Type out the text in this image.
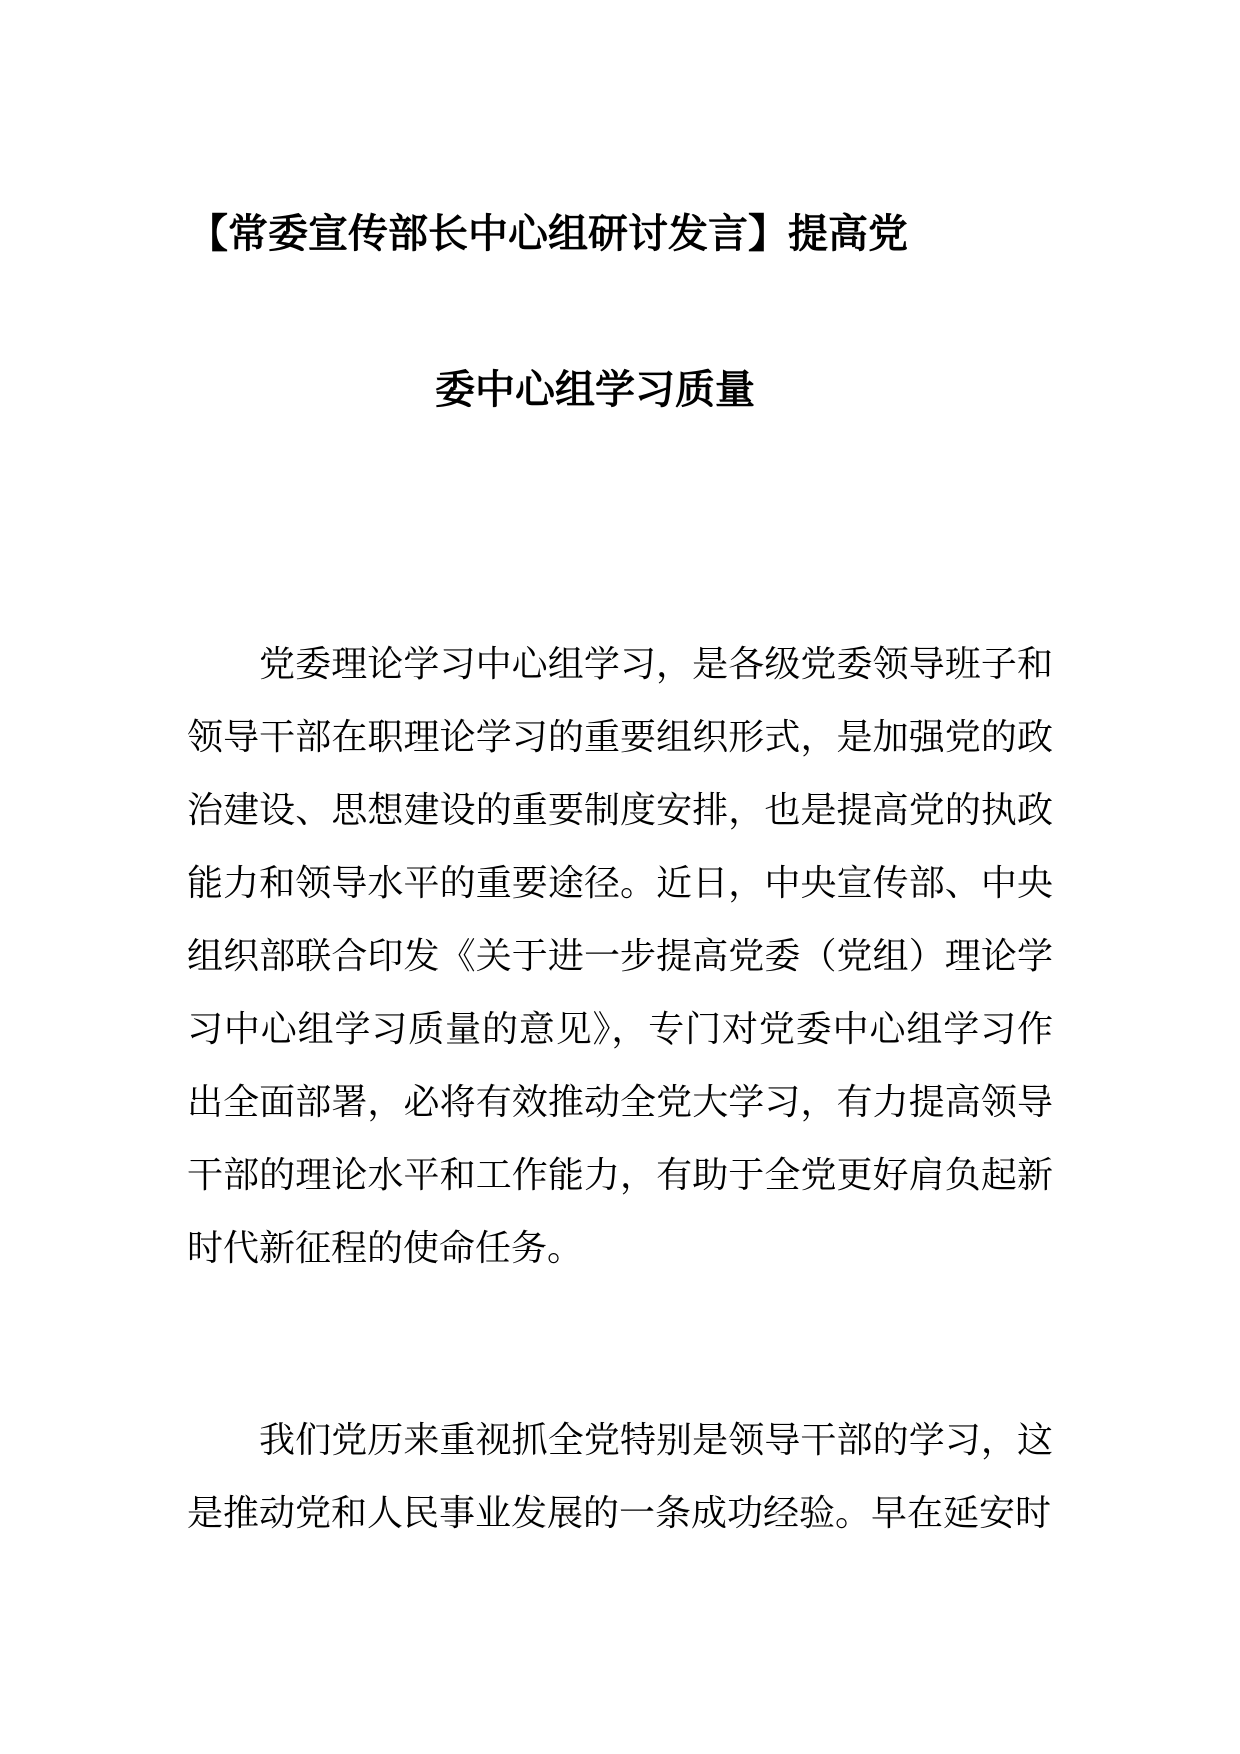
【常委宣传部长中心组研讨发言】提高党
委中心组学习质量

党委理论学习中心组学习，是各级党委领导班子和领导干部在职理论学习的重要组织形式，是加强党的政治建设、思想建设的重要制度安排，也是提高党的执政能力和领导水平的重要途径。近日，中央宣传部、中央组织部联合印发《关于进一步提高党委（党组）理论学习中心组学习质量的意见》，专门对党委中心组学习作出全面部署，必将有效推动全党大学习，有力提高领导干部的理论水平和工作能力，有助于全党更好肩负起新时代新征程的使命任务。

我们党历来重视抓全党特别是领导干部的学习，这是推动党和人民事业发展的一条成功经验。早在延安时
